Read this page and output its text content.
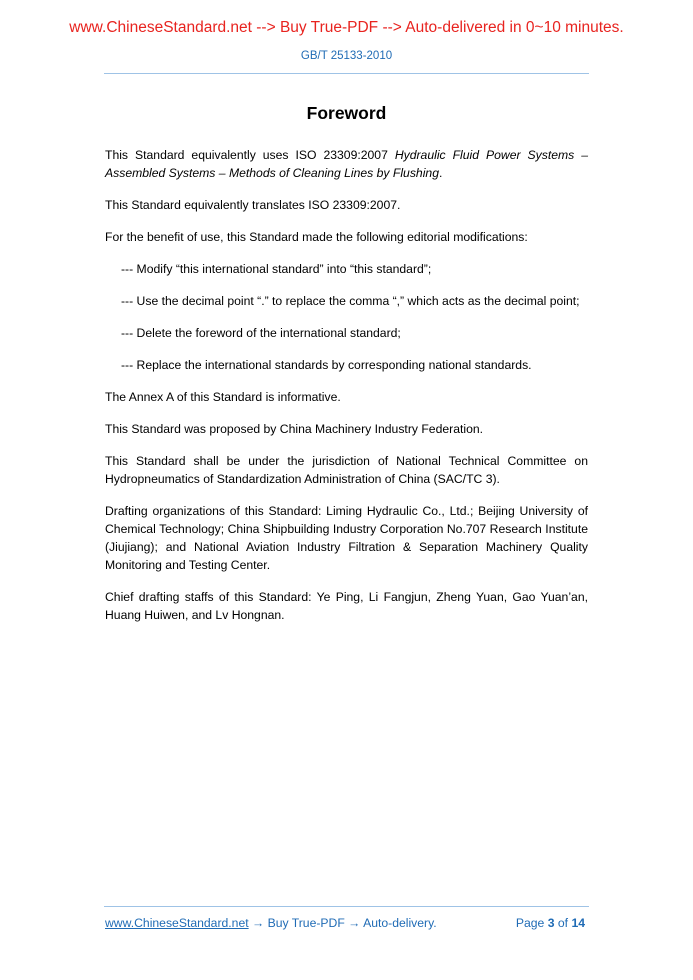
www.ChineseStandard.net --> Buy True-PDF --> Auto-delivered in 0~10 minutes.
GB/T 25133-2010
Foreword

This Standard equivalently uses ISO 23309:2007 Hydraulic Fluid Power Systems – Assembled Systems – Methods of Cleaning Lines by Flushing.

This Standard equivalently translates ISO 23309:2007.

For the benefit of use, this Standard made the following editorial modifications:

--- Modify “this international standard” into “this standard”;

--- Use the decimal point “.” to replace the comma “,” which acts as the decimal point;

--- Delete the foreword of the international standard;

--- Replace the international standards by corresponding national standards.

The Annex A of this Standard is informative.

This Standard was proposed by China Machinery Industry Federation.

This Standard shall be under the jurisdiction of National Technical Committee on Hydropneumatics of Standardization Administration of China (SAC/TC 3).

Drafting organizations of this Standard: Liming Hydraulic Co., Ltd.; Beijing University of Chemical Technology; China Shipbuilding Industry Corporation No.707 Research Institute (Jiujiang); and National Aviation Industry Filtration & Separation Machinery Quality Monitoring and Testing Center.

Chief drafting staffs of this Standard: Ye Ping, Li Fangjun, Zheng Yuan, Gao Yuan’an, Huang Huiwen, and Lv Hongnan.

www.ChineseStandard.net → Buy True-PDF → Auto-delivery.	Page 3 of 14
